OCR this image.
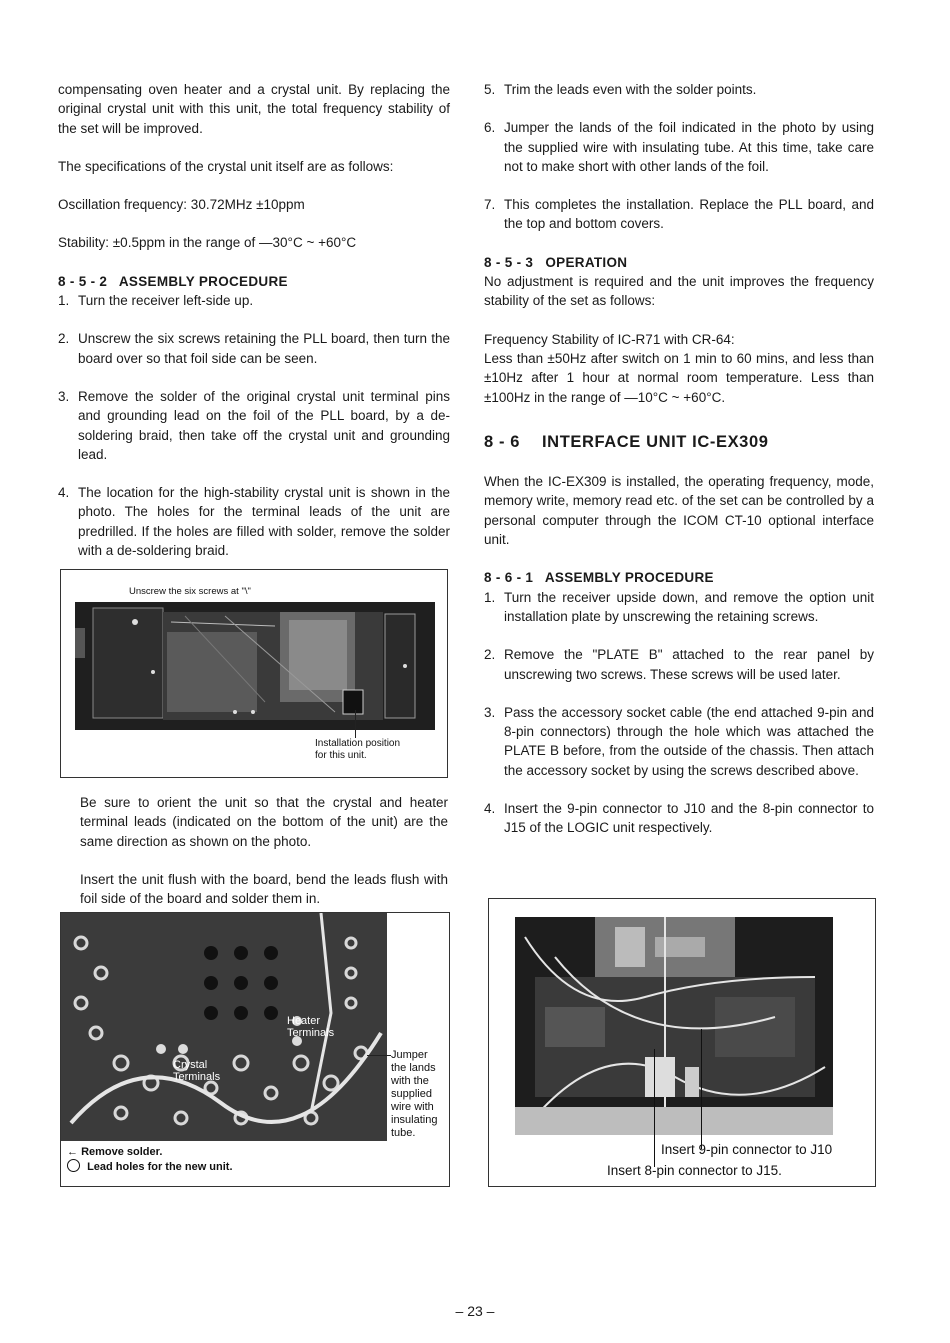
compensating oven heater and a crystal unit. By replacing the original crystal unit with this unit, the total frequency stability of the set will be improved.

The specifications of the crystal unit itself are as follows:

Oscillation frequency: 30.72MHz ±10ppm

Stability: ±0.5ppm in the range of —30°C ~ +60°C

8 - 5 - 2   ASSEMBLY PROCEDURE
1. Turn the receiver left-side up.
2. Unscrew the six screws retaining the PLL board, then turn the board over so that foil side can be seen.
3. Remove the solder of the original crystal unit terminal pins and grounding lead on the foil of the PLL board, by a de-soldering braid, then take off the crystal unit and grounding lead.
4. The location for the high-stability crystal unit is shown in the photo. The holes for the terminal leads of the unit are predrilled. If the holes are filled with solder, remove the solder with a de-soldering braid.
Unscrew the six screws at "\"
Installation position
for this unit.

Be sure to orient the unit so that the crystal and heater terminal leads (indicated on the bottom of the unit) are the same direction as shown on the photo.

Insert the unit flush with the board, bend the leads flush with foil side of the board and solder them in.

Heater
Terminals
Crystal
Terminals
Jumper
the lands
with the
supplied
wire with
insulating
tube.
← Remove solder.
Lead holes for the new unit.
5. Trim the leads even with the solder points.
6. Jumper the lands of the foil indicated in the photo by using the supplied wire with insulating tube. At this time, take care not to make short with other lands of the foil.
7. This completes the installation. Replace the PLL board, and the top and bottom covers.
8 - 5 - 3   OPERATION

No adjustment is required and the unit improves the frequency stability of the set as follows:

Frequency Stability of IC-R71 with CR-64:

Less than ±50Hz after switch on 1 min to 60 mins, and less than ±10Hz after 1 hour at normal room temperature. Less than ±100Hz in the range of —10°C ~ +60°C.

8 - 6 INTERFACE UNIT IC-EX309

When the IC-EX309 is installed, the operating frequency, mode, memory write, memory read etc. of the set can be controlled by a personal computer through the ICOM CT-10 optional interface unit.

8 - 6 - 1   ASSEMBLY PROCEDURE
1. Turn the receiver upside down, and remove the option unit installation plate by unscrewing the retaining screws.
2. Remove the "PLATE B" attached to the rear panel by unscrewing two screws. These screws will be used later.
3. Pass the accessory socket cable (the end attached 9-pin and 8-pin connectors) through the hole which was attached the PLATE B before, from the outside of the chassis. Then attach the accessory socket by using the screws described above.
4. Insert the 9-pin connector to J10 and the 8-pin connector to J15 of the LOGIC unit respectively.
Insert 9-pin connector to J10
Insert 8-pin connector to J15.
– 23 –
